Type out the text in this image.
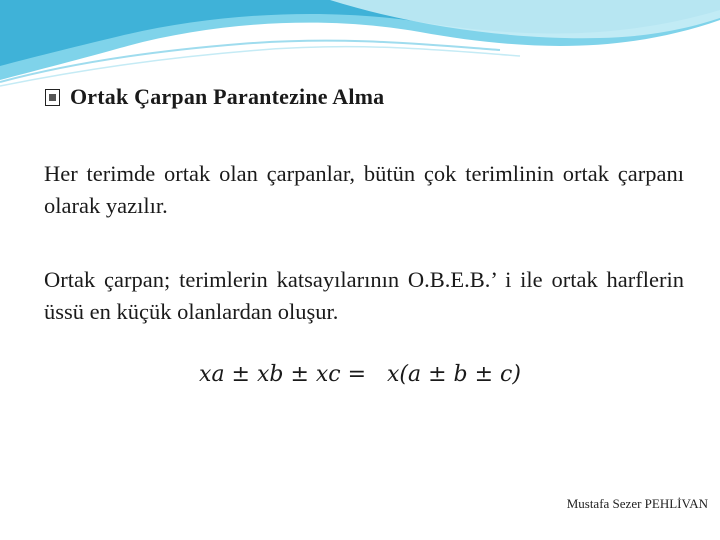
Ortak Çarpan Parantezine Alma
Her terimde ortak olan çarpanlar, bütün çok terimlinin ortak çarpanı olarak yazılır.
Ortak çarpan; terimlerin katsayılarının O.B.E.B.’ i ile ortak harflerin üssü en küçük olanlardan oluşur.
xa ± xb ± xc =   x(a ± b ± c)
Mustafa Sezer PEHLİVAN
